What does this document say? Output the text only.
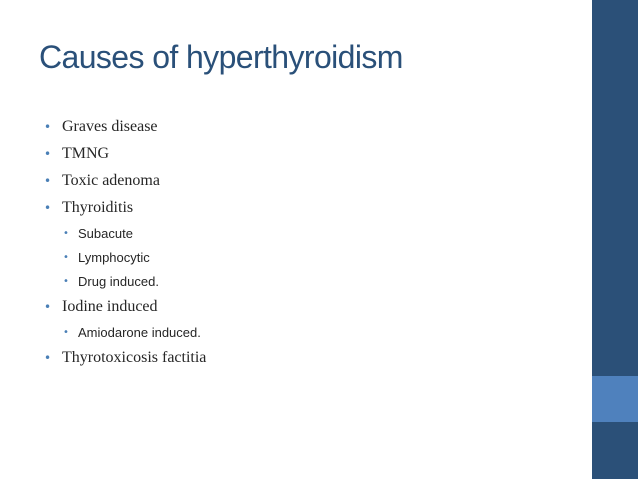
Causes of hyperthyroidism
• Graves disease
• TMNG
• Toxic adenoma
• Thyroiditis
• Subacute
• Lymphocytic
• Drug induced.
• Iodine induced
• Amiodarone induced.
• Thyrotoxicosis factitia
